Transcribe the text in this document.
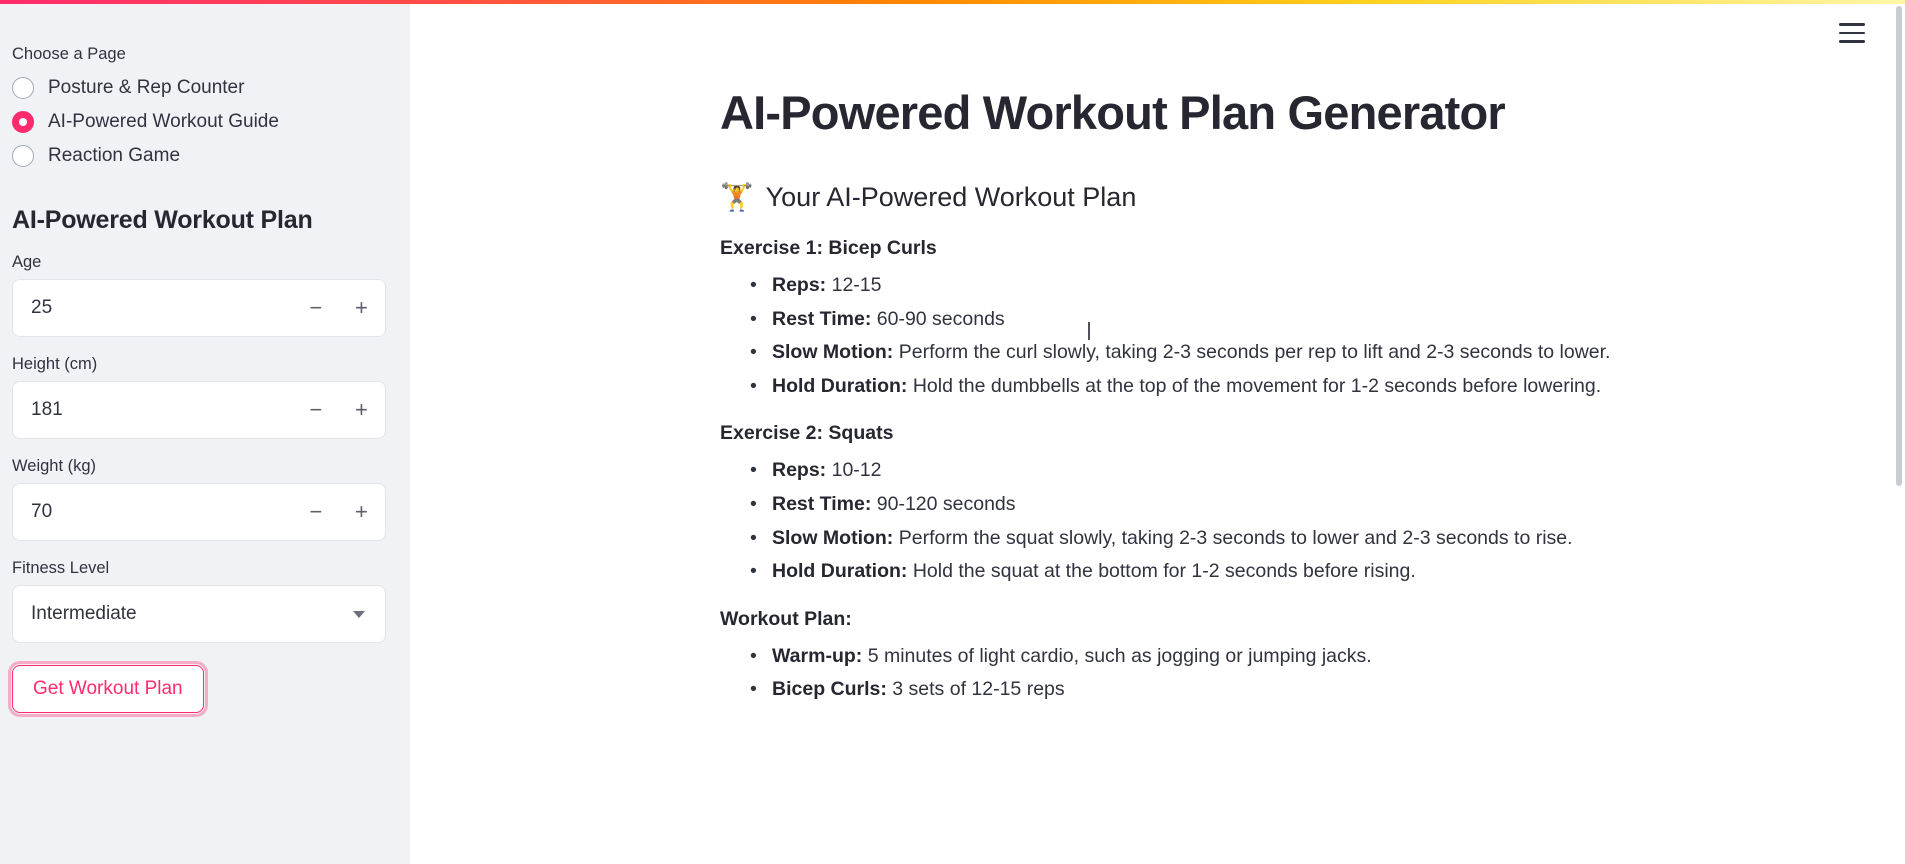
Choose a Page
Posture & Rep Counter
AI-Powered Workout Guide
Reaction Game
AI-Powered Workout Plan
Age
25
−	+
Height (cm)
181
−	+
Weight (kg)
70
−	+
Fitness Level
Intermediate
Get Workout Plan
AI-Powered Workout Plan Generator
🏋️ Your AI-Powered Workout Plan
Exercise 1: Bicep Curls
• Reps: 12-15
• Rest Time: 60-90 seconds
• Slow Motion: Perform the curl slowly, taking 2-3 seconds per rep to lift and 2-3 seconds to lower.
• Hold Duration: Hold the dumbbells at the top of the movement for 1-2 seconds before lowering.
Exercise 2: Squats
• Reps: 10-12
• Rest Time: 90-120 seconds
• Slow Motion: Perform the squat slowly, taking 2-3 seconds to lower and 2-3 seconds to rise.
• Hold Duration: Hold the squat at the bottom for 1-2 seconds before rising.
Workout Plan:
• Warm-up: 5 minutes of light cardio, such as jogging or jumping jacks.
• Bicep Curls: 3 sets of 12-15 reps
